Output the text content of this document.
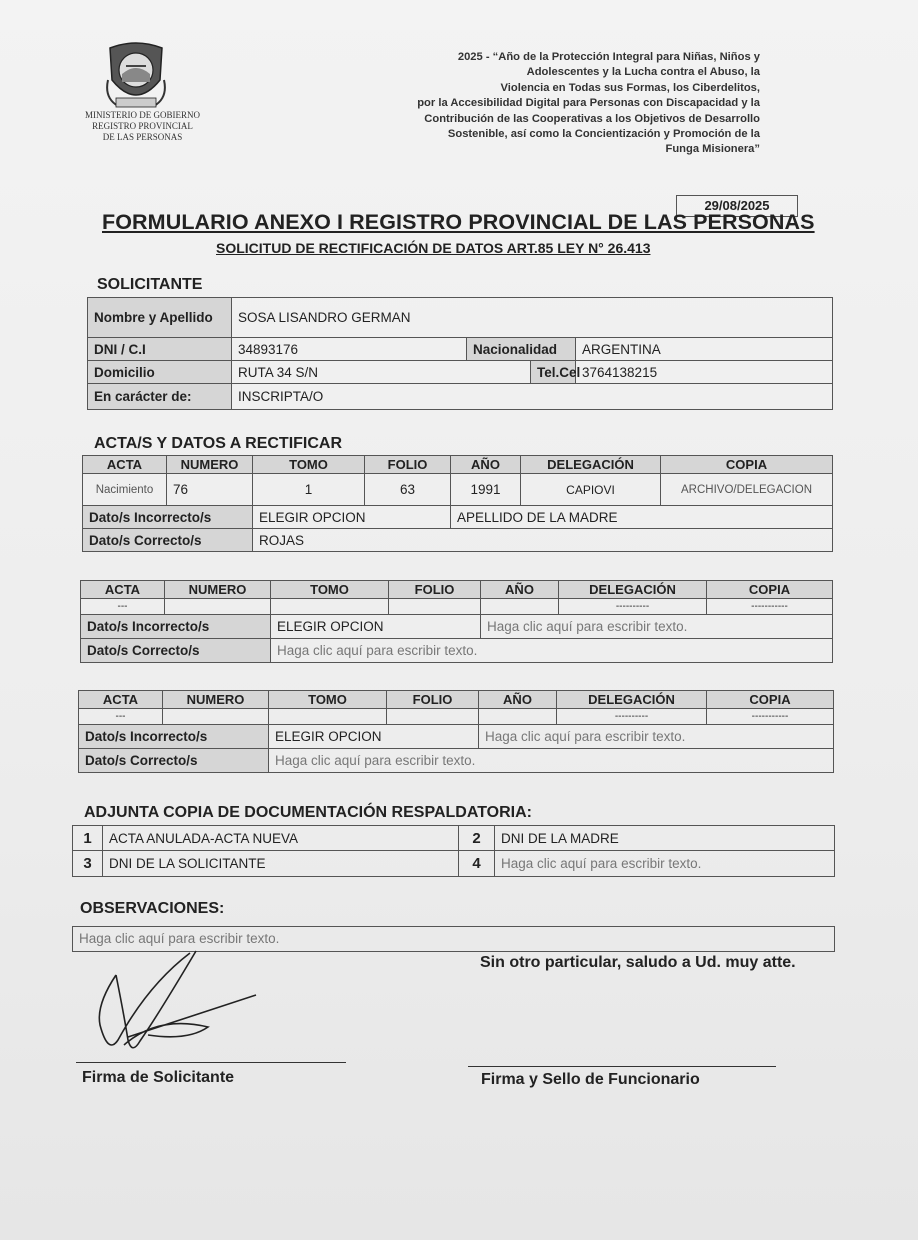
MINISTERIO DE GOBIERNO
REGISTRO PROVINCIAL
DE LAS PERSONAS
2025 - “Año de la Protección Integral para Niñas, Niños y
Adolescentes y la Lucha contra el Abuso, la
Violencia en Todas sus Formas, los Ciberdelitos,
por la Accesibilidad Digital para Personas con Discapacidad y la
Contribución de las Cooperativas a los Objetivos de Desarrollo
Sostenible, así como la Concientización y Promoción de la
Funga Misionera”
29/08/2025
FORMULARIO ANEXO I REGISTRO PROVINCIAL DE LAS PERSONAS
SOLICITUD DE RECTIFICACIÓN DE DATOS ART.85 LEY N° 26.413
SOLICITANTE
Nombre y Apellido	SOSA LISANDRO GERMAN			
DNI / C.I	34893176	Nacionalidad		ARGENTINA
Domicilio	RUTA 34 S/N		Tel.Cel	3764138215
En carácter de:	INSCRIPTA/O			
ACTA/S Y DATOS A RECTIFICAR
ACTA	NUMERO	TOMO	FOLIO	AÑO	DELEGACIÓN	COPIA
Nacimiento	76	1	63	1991	CAPIOVI	ARCHIVO/DELEGACION
Dato/s Incorrecto/s		ELEGIR OPCION		APELLIDO DE LA MADRE		
Dato/s Correcto/s		ROJAS				
ACTA	NUMERO	TOMO	FOLIO	AÑO	DELEGACIÓN	COPIA
---					----------	-----------
Dato/s Incorrecto/s		ELEGIR OPCION		Haga clic aquí para escribir texto.		
Dato/s Correcto/s		Haga clic aquí para escribir texto.				
ACTA	NUMERO	TOMO	FOLIO	AÑO	DELEGACIÓN	COPIA
---					----------	-----------
Dato/s Incorrecto/s		ELEGIR OPCION		Haga clic aquí para escribir texto.		
Dato/s Correcto/s		Haga clic aquí para escribir texto.				
ADJUNTA COPIA DE DOCUMENTACIÓN RESPALDATORIA:
1	ACTA ANULADA-ACTA NUEVA	2	DNI DE LA MADRE
3	DNI DE LA SOLICITANTE	4	Haga clic aquí para escribir texto.
OBSERVACIONES:
Haga clic aquí para escribir texto.
Sin otro particular, saludo a Ud. muy atte.
Firma de Solicitante	Firma y Sello de Funcionario
